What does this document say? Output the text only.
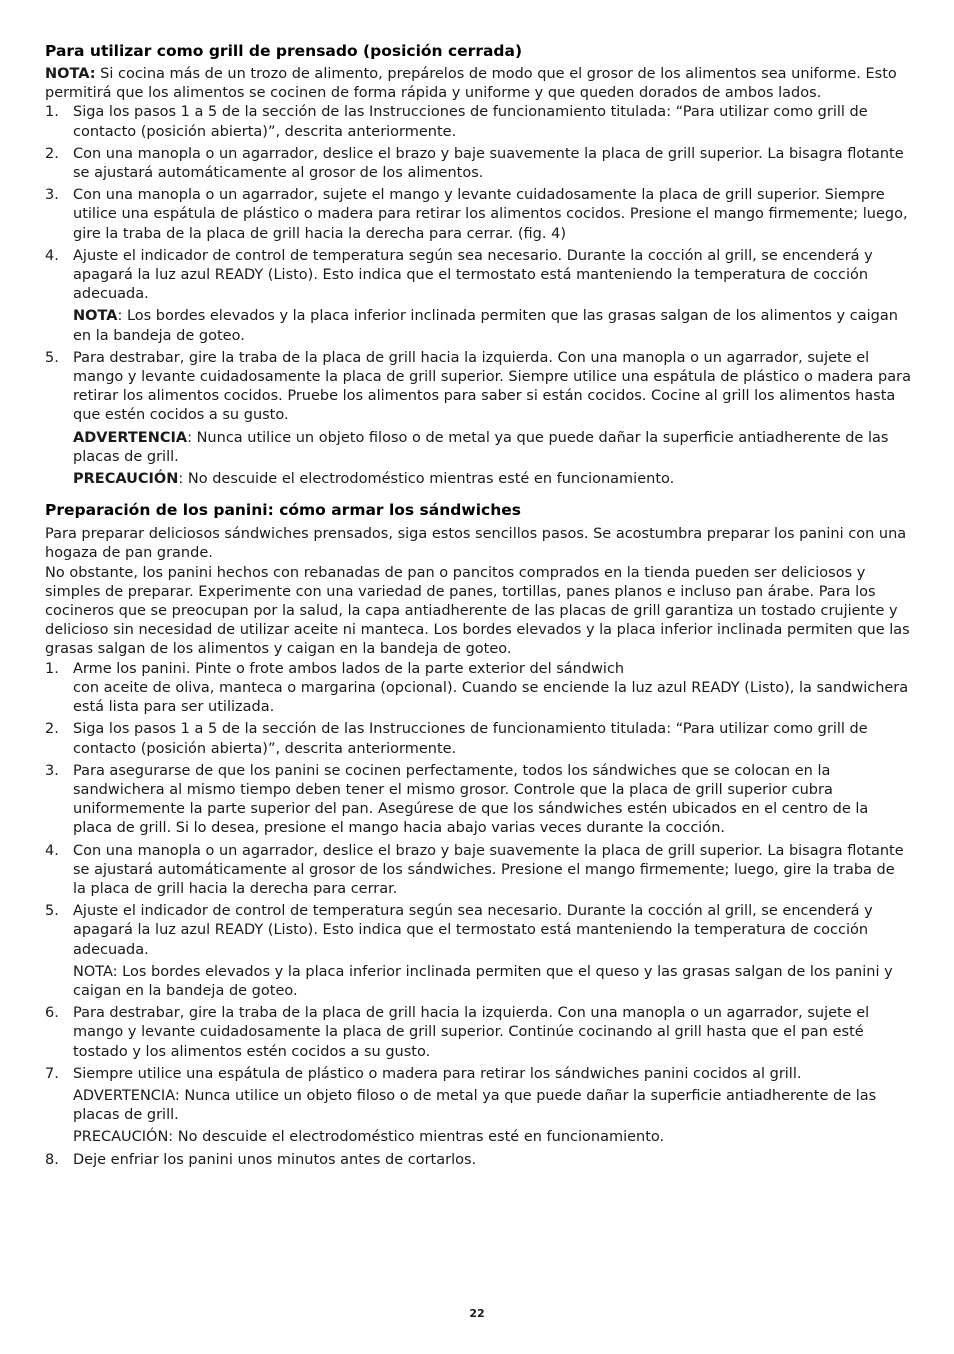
Para utilizar como grill de prensado (posición cerrada)

NOTA: Si cocina más de un trozo de alimento, prepárelos de modo que el grosor de los alimentos sea uniforme. Esto permitirá que los alimentos se cocinen de forma rápida y uniforme y que queden dorados de ambos lados.

1. Siga los pasos 1 a 5 de la sección de las Instrucciones de funcionamiento titulada: “Para utilizar como grill de contacto (posición abierta)”, descrita anteriormente.
2. Con una manopla o un agarrador, deslice el brazo y baje suavemente la placa de grill superior. La bisagra flotante se ajustará automáticamente al grosor de los alimentos.
3. Con una manopla o un agarrador, sujete el mango y levante cuidadosamente la placa de grill superior. Siempre utilice una espátula de plástico o madera para retirar los alimentos cocidos. Presione el mango firmemente; luego, gire la traba de la placa de grill hacia la derecha para cerrar. (fig. 4)
4. Ajuste el indicador de control de temperatura según sea necesario. Durante la cocción al grill, se encenderá y apagará la luz azul READY (Listo). Esto indica que el termostato está manteniendo la temperatura de cocción adecuada.
NOTA: Los bordes elevados y la placa inferior inclinada permiten que las grasas salgan de los alimentos y caigan en la bandeja de goteo.
5. Para destrabar, gire la traba de la placa de grill hacia la izquierda. Con una manopla o un agarrador, sujete el mango y levante cuidadosamente la placa de grill superior. Siempre utilice una espátula de plástico o madera para retirar los alimentos cocidos. Pruebe los alimentos para saber si están cocidos. Cocine al grill los alimentos hasta que estén cocidos a su gusto.
ADVERTENCIA: Nunca utilice un objeto filoso o de metal ya que puede dañar la superficie antiadherente de las placas de grill.
PRECAUCIÓN: No descuide el electrodoméstico mientras esté en funcionamiento.
Preparación de los panini: cómo armar los sándwiches

Para preparar deliciosos sándwiches prensados, siga estos sencillos pasos. Se acostumbra preparar los panini con una hogaza de pan grande.

No obstante, los panini hechos con rebanadas de pan o pancitos comprados en la tienda pueden ser deliciosos y simples de preparar. Experimente con una variedad de panes, tortillas, panes planos e incluso pan árabe. Para los cocineros que se preocupan por la salud, la capa antiadherente de las placas de grill garantiza un tostado crujiente y delicioso sin necesidad de utilizar aceite ni manteca. Los bordes elevados y la placa inferior inclinada permiten que las grasas salgan de los alimentos y caigan en la bandeja de goteo.

1. Arme los panini. Pinte o frote ambos lados de la parte exterior del sándwich
con aceite de oliva, manteca o margarina (opcional). Cuando se enciende la luz azul READY (Listo), la sandwichera está lista para ser utilizada.
2. Siga los pasos 1 a 5 de la sección de las Instrucciones de funcionamiento titulada: “Para utilizar como grill de contacto (posición abierta)”, descrita anteriormente.
3. Para asegurarse de que los panini se cocinen perfectamente, todos los sándwiches que se colocan en la sandwichera al mismo tiempo deben tener el mismo grosor. Controle que la placa de grill superior cubra uniformemente la parte superior del pan. Asegúrese de que los sándwiches estén ubicados en el centro de la placa de grill. Si lo desea, presione el mango hacia abajo varias veces durante la cocción.
4. Con una manopla o un agarrador, deslice el brazo y baje suavemente la placa de grill superior. La bisagra flotante se ajustará automáticamente al grosor de los sándwiches. Presione el mango firmemente; luego, gire la traba de la placa de grill hacia la derecha para cerrar.
5. Ajuste el indicador de control de temperatura según sea necesario. Durante la cocción al grill, se encenderá y apagará la luz azul READY (Listo). Esto indica que el termostato está manteniendo la temperatura de cocción adecuada.
NOTA: Los bordes elevados y la placa inferior inclinada permiten que el queso y las grasas salgan de los panini y caigan en la bandeja de goteo.
6. Para destrabar, gire la traba de la placa de grill hacia la izquierda. Con una manopla o un agarrador, sujete el mango y levante cuidadosamente la placa de grill superior. Continúe cocinando al grill hasta que el pan esté tostado y los alimentos estén cocidos a su gusto.
7. Siempre utilice una espátula de plástico o madera para retirar los sándwiches panini cocidos al grill.
ADVERTENCIA: Nunca utilice un objeto filoso o de metal ya que puede dañar la superficie antiadherente de las placas de grill.
PRECAUCIÓN: No descuide el electrodoméstico mientras esté en funcionamiento.
8. Deje enfriar los panini unos minutos antes de cortarlos.
22
